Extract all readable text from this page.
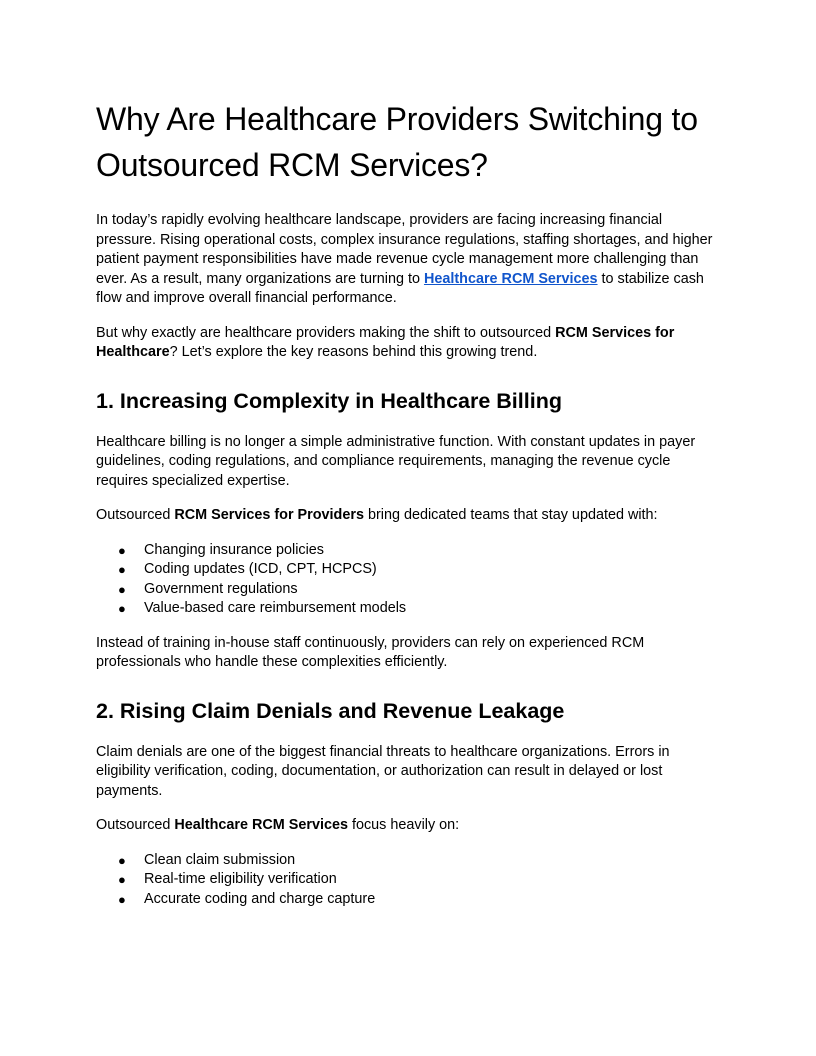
Why Are Healthcare Providers Switching to Outsourced RCM Services?

In today’s rapidly evolving healthcare landscape, providers are facing increasing financial pressure. Rising operational costs, complex insurance regulations, staffing shortages, and higher patient payment responsibilities have made revenue cycle management more challenging than ever. As a result, many organizations are turning to Healthcare RCM Services to stabilize cash flow and improve overall financial performance.

But why exactly are healthcare providers making the shift to outsourced RCM Services for Healthcare? Let’s explore the key reasons behind this growing trend.

1. Increasing Complexity in Healthcare Billing

Healthcare billing is no longer a simple administrative function. With constant updates in payer guidelines, coding regulations, and compliance requirements, managing the revenue cycle requires specialized expertise.

Outsourced RCM Services for Providers bring dedicated teams that stay updated with:

● Changing insurance policies
● Coding updates (ICD, CPT, HCPCS)
● Government regulations
● Value-based care reimbursement models

Instead of training in-house staff continuously, providers can rely on experienced RCM professionals who handle these complexities efficiently.

2. Rising Claim Denials and Revenue Leakage

Claim denials are one of the biggest financial threats to healthcare organizations. Errors in eligibility verification, coding, documentation, or authorization can result in delayed or lost payments.

Outsourced Healthcare RCM Services focus heavily on:

● Clean claim submission
● Real-time eligibility verification
● Accurate coding and charge capture
